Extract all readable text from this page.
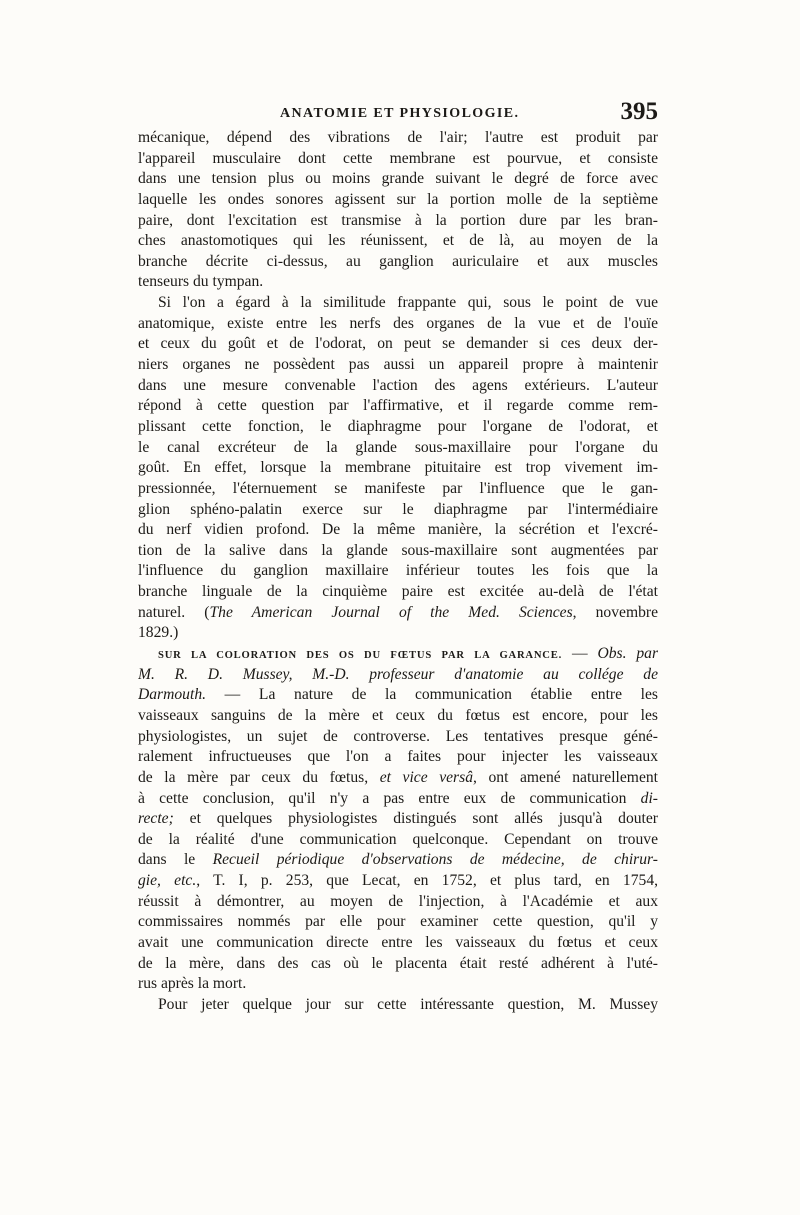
ANATOMIE ET PHYSIOLOGIE.	395
mécanique, dépend des vibrations de l'air; l'autre est produit par
l'appareil musculaire dont cette membrane est pourvue, et consiste
dans une tension plus ou moins grande suivant le degré de force avec
laquelle les ondes sonores agissent sur la portion molle de la septième
paire, dont l'excitation est transmise à la portion dure par les bran-
ches anastomotiques qui les réunissent, et de là, au moyen de la
branche décrite ci-dessus, au ganglion auriculaire et aux muscles
tenseurs du tympan.
Si l'on a égard à la similitude frappante qui, sous le point de vue
anatomique, existe entre les nerfs des organes de la vue et de l'ouïe
et ceux du goût et de l'odorat, on peut se demander si ces deux der-
niers organes ne possèdent pas aussi un appareil propre à maintenir
dans une mesure convenable l'action des agens extérieurs. L'auteur
répond à cette question par l'affirmative, et il regarde comme rem-
plissant cette fonction, le diaphragme pour l'organe de l'odorat, et
le canal excréteur de la glande sous-maxillaire pour l'organe du
goût. En effet, lorsque la membrane pituitaire est trop vivement im-
pressionnée, l'éternuement se manifeste par l'influence que le gan-
glion sphéno-palatin exerce sur le diaphragme par l'intermédiaire
du nerf vidien profond. De la même manière, la sécrétion et l'excré-
tion de la salive dans la glande sous-maxillaire sont augmentées par
l'influence du ganglion maxillaire inférieur toutes les fois que la
branche linguale de la cinquième paire est excitée au-delà de l'état
naturel. (The American Journal of the Med. Sciences, novembre
1829.)
SUR LA COLORATION DES OS DU FŒTUS PAR LA GARANCE. — Obs. par
M. R. D. Mussey, M.-D. professeur d'anatomie au collége de
Darmouth. — La nature de la communication établie entre les
vaisseaux sanguins de la mère et ceux du fœtus est encore, pour les
physiologistes, un sujet de controverse. Les tentatives presque géné-
ralement infructueuses que l'on a faites pour injecter les vaisseaux
de la mère par ceux du fœtus, et vice versâ, ont amené naturellement
à cette conclusion, qu'il n'y a pas entre eux de communication di-
recte; et quelques physiologistes distingués sont allés jusqu'à douter
de la réalité d'une communication quelconque. Cependant on trouve
dans le Recueil périodique d'observations de médecine, de chirur-
gie, etc., T. I, p. 253, que Lecat, en 1752, et plus tard, en 1754,
réussit à démontrer, au moyen de l'injection, à l'Académie et aux
commissaires nommés par elle pour examiner cette question, qu'il y
avait une communication directe entre les vaisseaux du fœtus et ceux
de la mère, dans des cas où le placenta était resté adhérent à l'uté-
rus après la mort.
Pour jeter quelque jour sur cette intéressante question, M. Mussey
